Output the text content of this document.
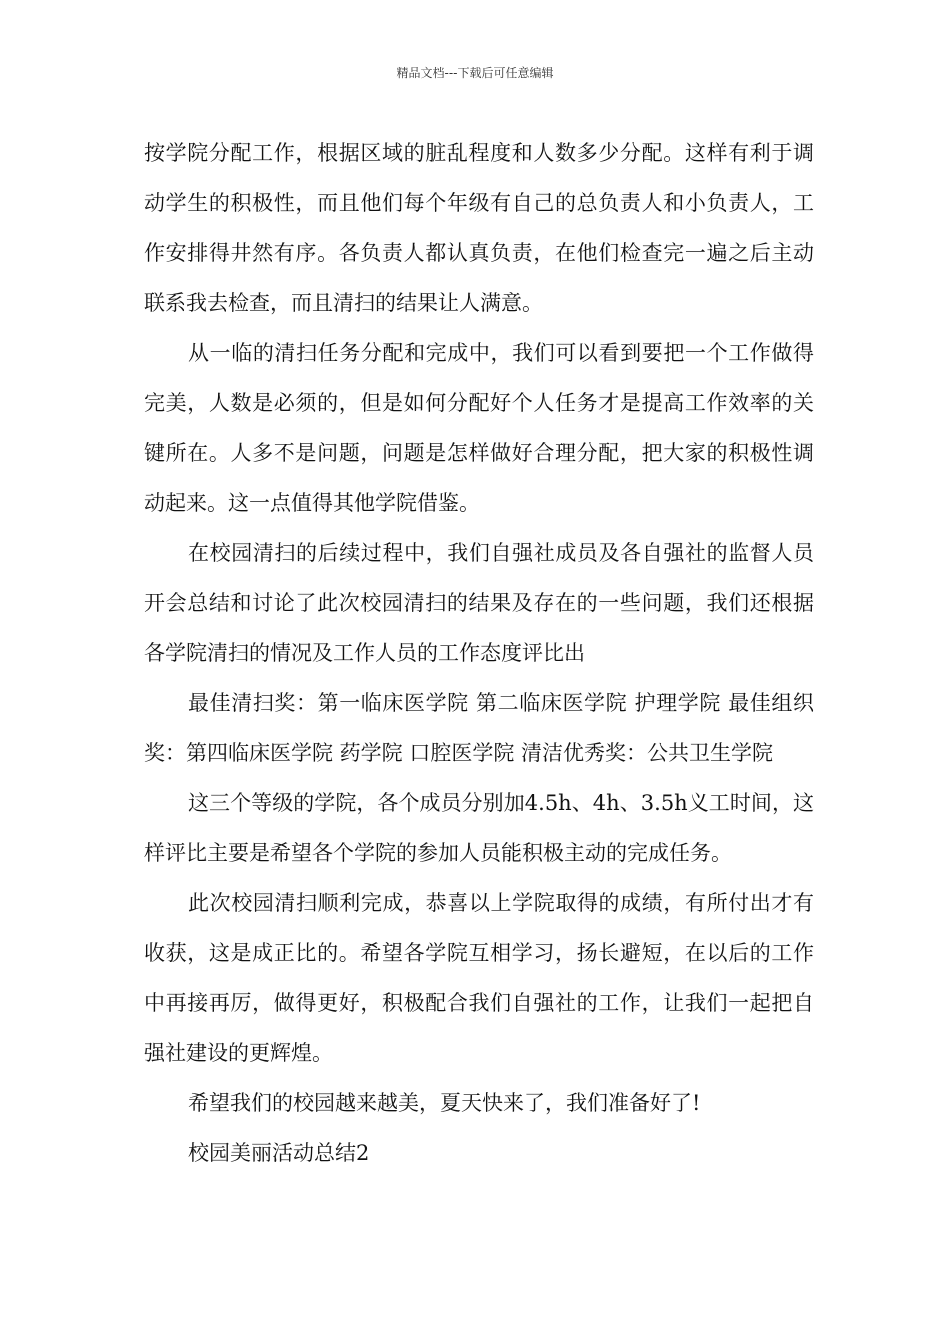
精品文档---下载后可任意编辑

按学院分配工作，根据区域的脏乱程度和人数多少分配。这样有利于调动学生的积极性，而且他们每个年级有自己的总负责人和小负责人，工作安排得井然有序。各负责人都认真负责，在他们检查完一遍之后主动联系我去检查，而且清扫的结果让人满意。

从一临的清扫任务分配和完成中，我们可以看到要把一个工作做得完美，人数是必须的，但是如何分配好个人任务才是提高工作效率的关键所在。人多不是问题，问题是怎样做好合理分配，把大家的积极性调动起来。这一点值得其他学院借鉴。

在校园清扫的后续过程中，我们自强社成员及各自强社的监督人员开会总结和讨论了此次校园清扫的结果及存在的一些问题，我们还根据各学院清扫的情况及工作人员的工作态度评比出

最佳清扫奖：第一临床医学院 第二临床医学院 护理学院 最佳组织奖：第四临床医学院 药学院 口腔医学院 清洁优秀奖：公共卫生学院

这三个等级的学院，各个成员分别加4.5h、4h、3.5h义工时间，这样评比主要是希望各个学院的参加人员能积极主动的完成任务。

此次校园清扫顺利完成，恭喜以上学院取得的成绩，有所付出才有收获，这是成正比的。希望各学院互相学习，扬长避短，在以后的工作中再接再厉，做得更好，积极配合我们自强社的工作，让我们一起把自强社建设的更辉煌。

希望我们的校园越来越美，夏天快来了，我们准备好了!

校园美丽活动总结2
